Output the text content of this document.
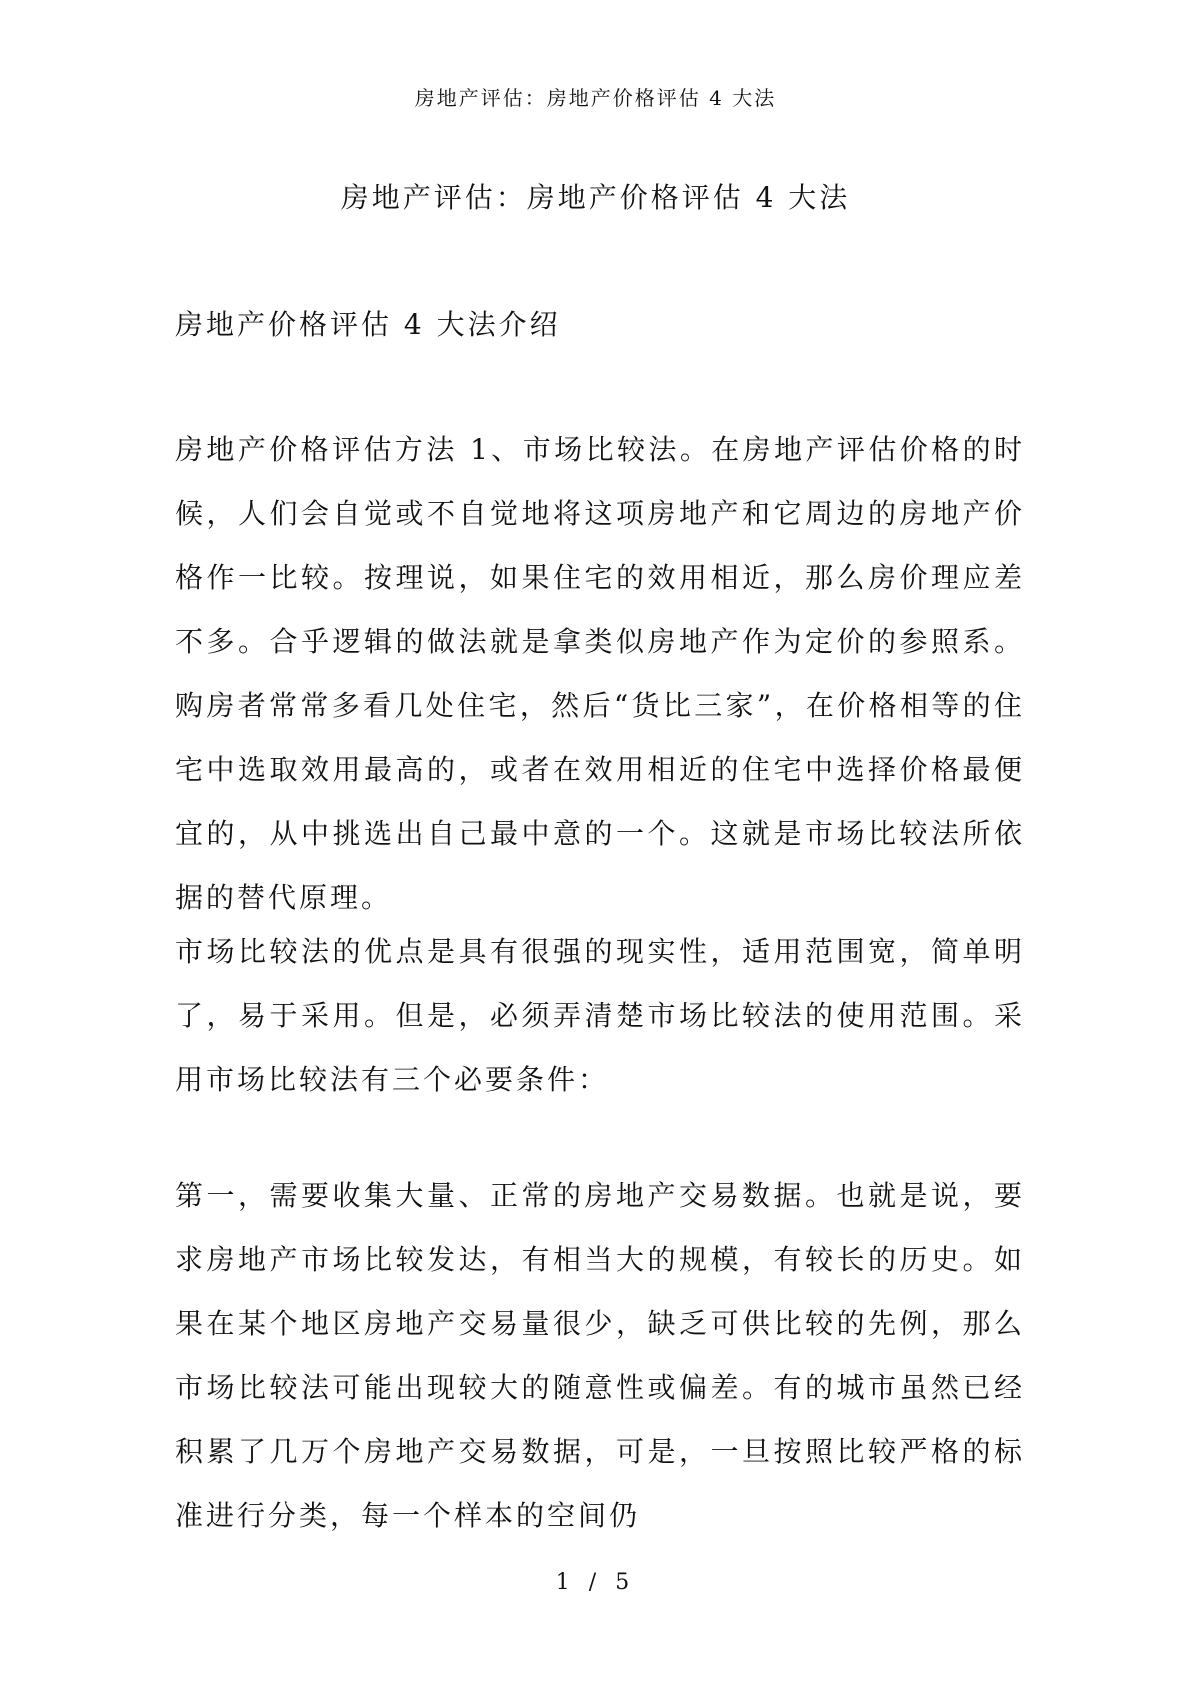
房地产评估：房地产价格评估 4 大法
房地产评估：房地产价格评估 4 大法
房地产价格评估 4 大法介绍

房地产价格评估方法 1、市场比较法。在房地产评估价格的时候，人们会自觉或不自觉地将这项房地产和它周边的房地产价格作一比较。按理说，如果住宅的效用相近，那么房价理应差不多。合乎逻辑的做法就是拿类似房地产作为定价的参照系。购房者常常多看几处住宅，然后“货比三家”，在价格相等的住宅中选取效用最高的，或者在效用相近的住宅中选择价格最便宜的，从中挑选出自己最中意的一个。这就是市场比较法所依据的替代原理。

市场比较法的优点是具有很强的现实性，适用范围宽，简单明了，易于采用。但是，必须弄清楚市场比较法的使用范围。采用市场比较法有三个必要条件：

第一，需要收集大量、正常的房地产交易数据。也就是说，要求房地产市场比较发达，有相当大的规模，有较长的历史。如果在某个地区房地产交易量很少，缺乏可供比较的先例，那么市场比较法可能出现较大的随意性或偏差。有的城市虽然已经积累了几万个房地产交易数据，可是，一旦按照比较严格的标准进行分类，每一个样本的空间仍

1 / 5
